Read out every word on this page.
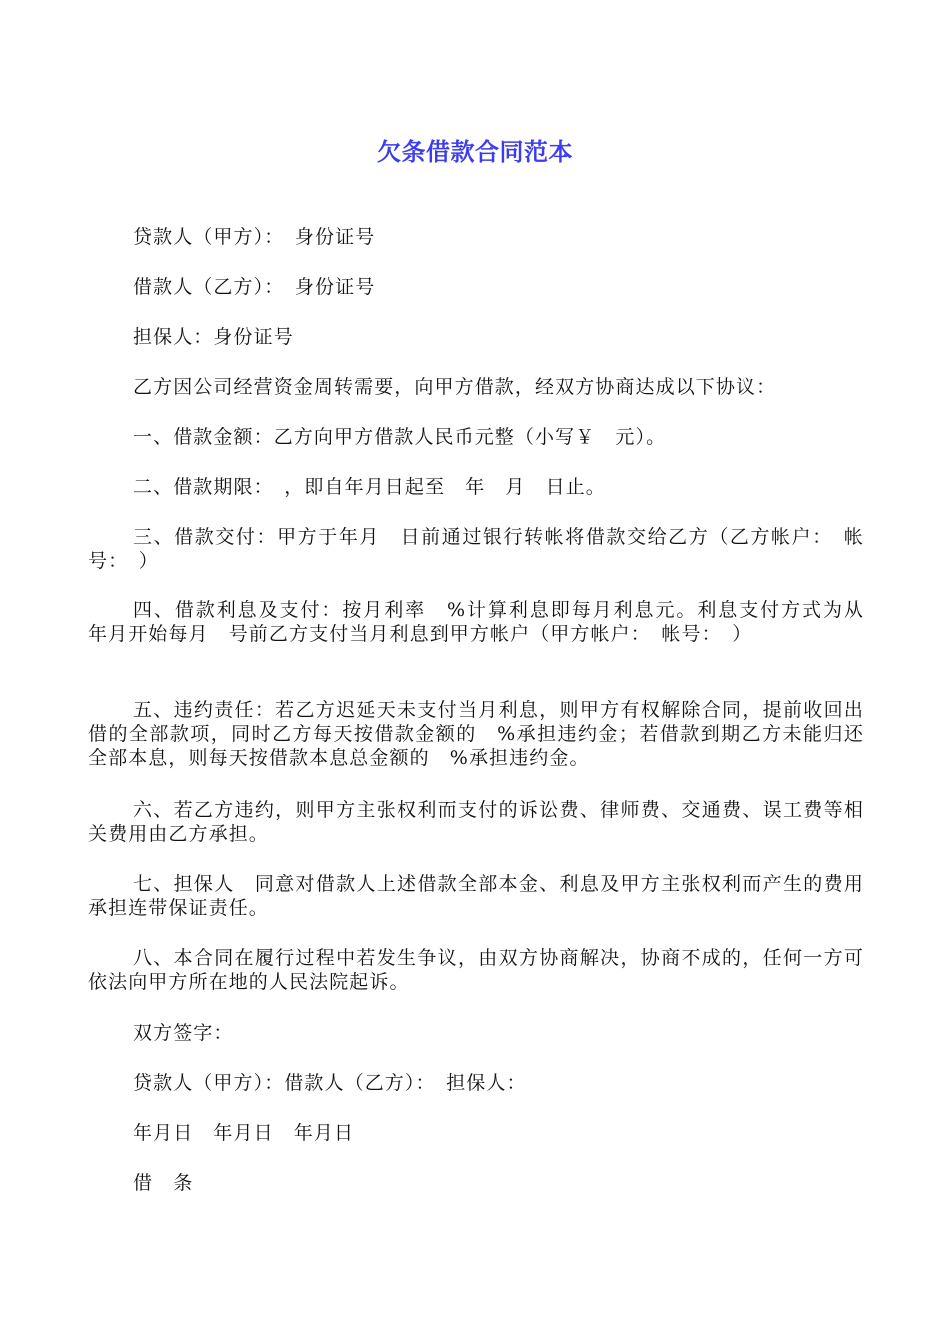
欠条借款合同范本
贷款人（甲方）：　身份证号
借款人（乙方）：　身份证号
担保人：身份证号
乙方因公司经营资金周转需要，向甲方借款，经双方协商达成以下协议：
一、借款金额：乙方向甲方借款人民币元整（小写￥　元）。
二、借款期限：　，即自年月日起至　年　月　日止。
三、借款交付：甲方于年月　日前通过银行转帐将借款交给乙方（乙方帐户：　帐号：　）
四、借款利息及支付：按月利率　%计算利息即每月利息元。利息支付方式为从　年月开始每月　号前乙方支付当月利息到甲方帐户（甲方帐户：　帐号：　）
五、违约责任：若乙方迟延天未支付当月利息，则甲方有权解除合同，提前收回出借的全部款项，同时乙方每天按借款金额的　%承担违约金；若借款到期乙方未能归还全部本息，则每天按借款本息总金额的　%承担违约金。
六、若乙方违约，则甲方主张权利而支付的诉讼费、律师费、交通费、误工费等相关费用由乙方承担。
七、担保人　同意对借款人上述借款全部本金、利息及甲方主张权利而产生的费用承担连带保证责任。
八、本合同在履行过程中若发生争议，由双方协商解决，协商不成的，任何一方可依法向甲方所在地的人民法院起诉。
双方签字：
贷款人（甲方）：借款人（乙方）：　担保人：
年月日　年月日　年月日
借　条
